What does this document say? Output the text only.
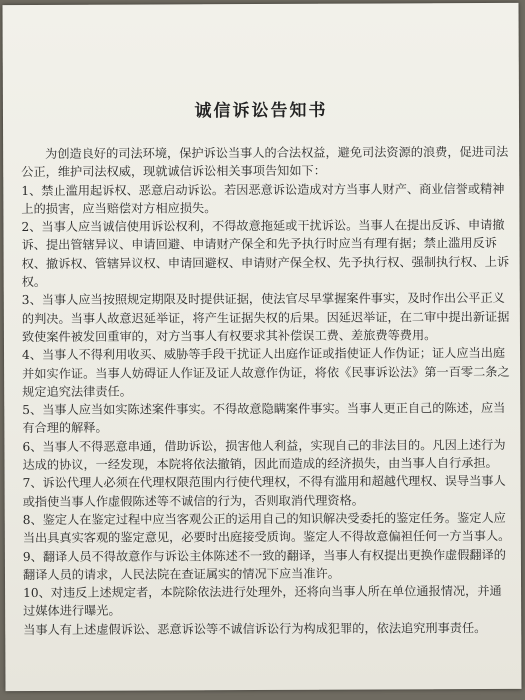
诚信诉讼告知书

为创造良好的司法环境，保护诉讼当事人的合法权益，避免司法资源的浪费，促进司法公正，维护司法权威，现就诚信诉讼相关事项告知如下：

1、禁止滥用起诉权、恶意启动诉讼。若因恶意诉讼造成对方当事人财产、商业信誉或精神上的损害，应当赔偿对方相应损失。

2、当事人应当诚信使用诉讼权利，不得故意拖延或干扰诉讼。当事人在提出反诉、申请撤诉、提出管辖异议、申请回避、申请财产保全和先予执行时应当有理有据；禁止滥用反诉权、撤诉权、管辖异议权、申请回避权、申请财产保全权、先予执行权、强制执行权、上诉权。

3、当事人应当按照规定期限及时提供证据，使法官尽早掌握案件事实，及时作出公平正义的判决。当事人故意迟延举证，将产生证据失权的后果。因延迟举证，在二审中提出新证据致使案件被发回重审的，对方当事人有权要求其补偿误工费、差旅费等费用。

4、当事人不得利用收买、威胁等手段干扰证人出庭作证或指使证人作伪证；证人应当出庭并如实作证。当事人妨碍证人作证及证人故意作伪证，将依《民事诉讼法》第一百零二条之规定追究法律责任。

5、当事人应当如实陈述案件事实。不得故意隐瞒案件事实。当事人更正自己的陈述，应当有合理的解释。

6、当事人不得恶意串通，借助诉讼，损害他人利益，实现自己的非法目的。凡因上述行为达成的协议，一经发现，本院将依法撤销，因此而造成的经济损失，由当事人自行承担。

7、诉讼代理人必须在代理权限范围内行使代理权，不得有滥用和超越代理权、误导当事人或指使当事人作虚假陈述等不诚信的行为，否则取消代理资格。

8、鉴定人在鉴定过程中应当客观公正的运用自己的知识解决受委托的鉴定任务。鉴定人应当出具真实客观的鉴定意见，必要时出庭接受质询。鉴定人不得故意偏袒任何一方当事人。

9、翻译人员不得故意作与诉讼主体陈述不一致的翻译，当事人有权提出更换作虚假翻译的翻译人员的请求，人民法院在查证属实的情况下应当准许。

10、对违反上述规定者，本院除依法进行处理外，还将向当事人所在单位通报情况，并通过媒体进行曝光。

当事人有上述虚假诉讼、恶意诉讼等不诚信诉讼行为构成犯罪的，依法追究刑事责任。
